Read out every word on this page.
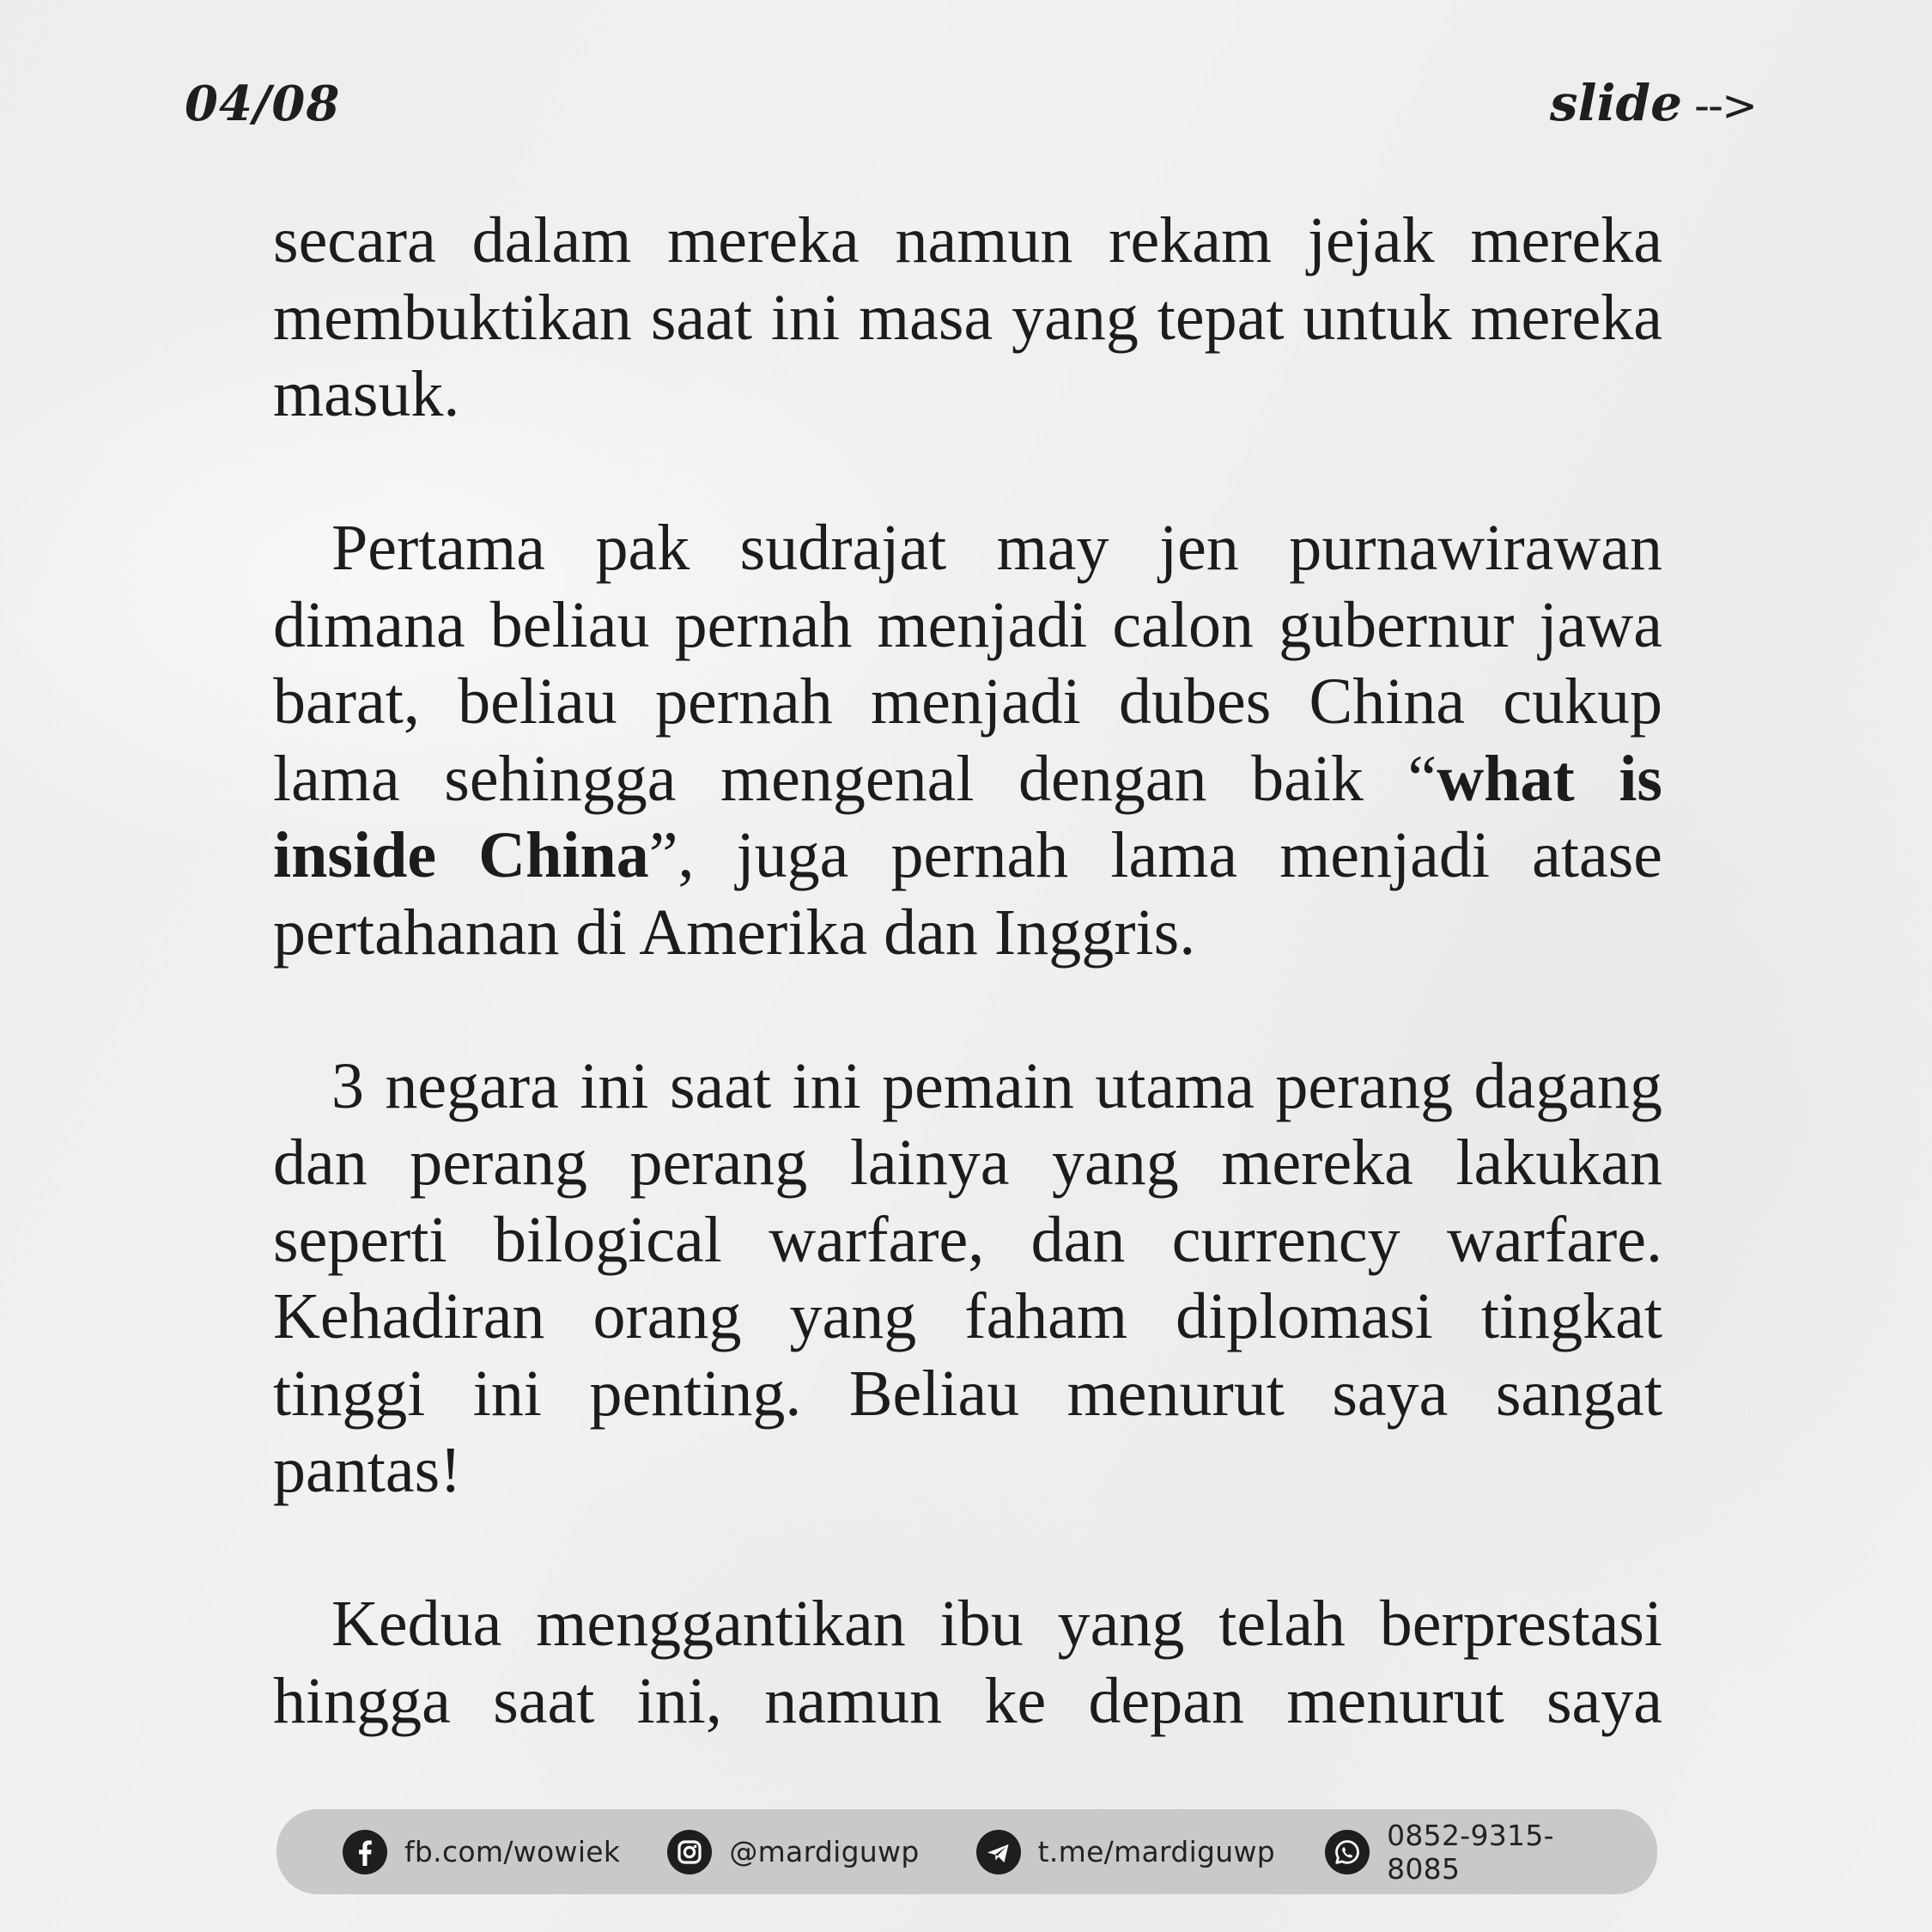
04/08	slide -->

secara dalam mereka namun rekam jejak mereka membuktikan saat ini masa yang tepat untuk mereka masuk.

Pertama pak sudrajat may jen purnawirawan dimana beliau pernah menjadi calon gubernur jawa barat, beliau pernah menjadi dubes China cukup lama sehingga mengenal dengan baik “what is inside China”, juga pernah lama menjadi atase pertahanan di Amerika dan Inggris.

3 negara ini saat ini pemain utama perang dagang dan perang perang lainya yang mereka lakukan seperti bilogical warfare, dan currency warfare. Kehadiran orang yang faham diplomasi tingkat tinggi ini penting. Beliau menurut saya sangat pantas!

Kedua menggantikan ibu yang telah berprestasi hingga saat ini, namun ke depan menurut saya

fb.com/wowiek	@mardiguwp	t.me/mardiguwp	0852-9315-8085
